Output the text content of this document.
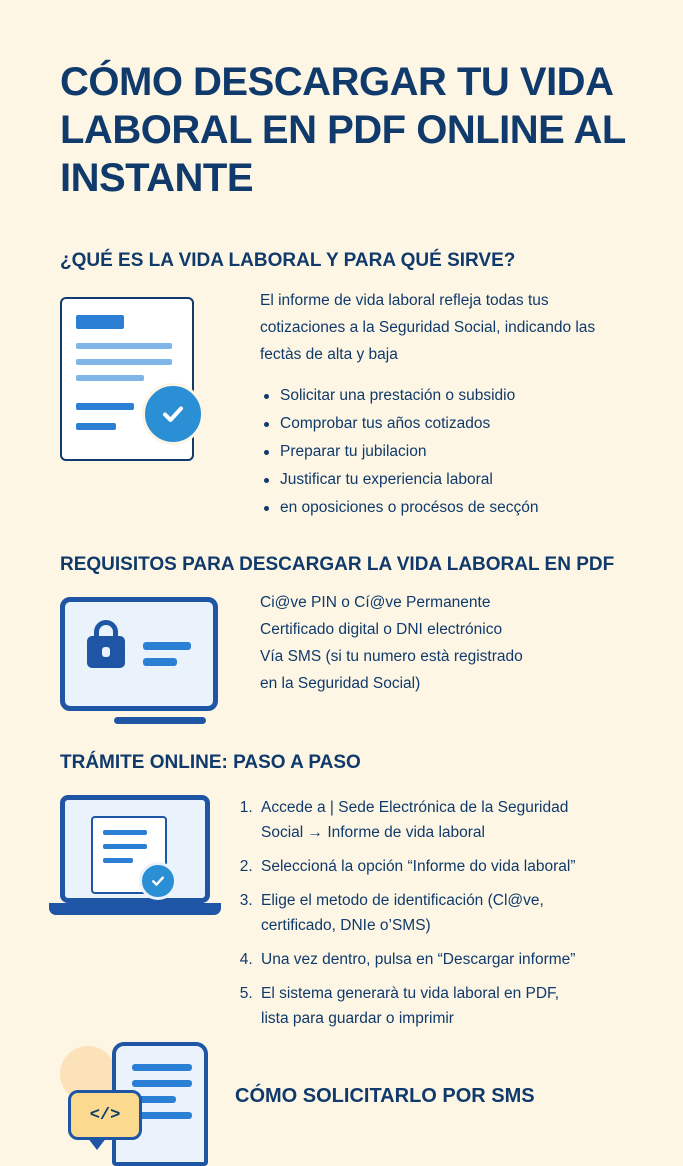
CÓMO DESCARGAR TU VIDA LABORAL EN PDF ONLINE AL INSTANTE
¿QUÉ ES LA VIDA LABORAL Y PARA QUÉ SIRVE?
El informe de vida laboral refleja todas tus cotizaciones a la Seguridad Social, indicando las fectàs de alta y baja
Solicitar una prestación o subsidio
Comprobar tus años cotizados
Preparar tu jubilacion
Justificar tu experiencia laboral
en oposiciones o procésos de secçón
REQUISITOS PARA DESCARGAR LA VIDA LABORAL EN PDF
Ci@ve PIN o Cí@ve Permanente
Certificado digital o DNI electrónico
Vía SMS (si tu numero està registrado
en la Seguridad Social)
TRÁMITE ONLINE: PASO A PASO
1. Accede a | Sede Electrónica de la Seguridad
Social → Informe de vida laboral
2. Seleccioná la opción “Informe do vida laboral”
3. Elige el metodo de identificación (Cl@ve,
certificado, DNIe o’SMS)
4. Una vez dentro, pulsa en “Descargar informe”
5. El sistema generarà tu vida laboral en PDF,
lista para guardar o imprimir
</>
CÓMO SOLICITARLO POR SMS
